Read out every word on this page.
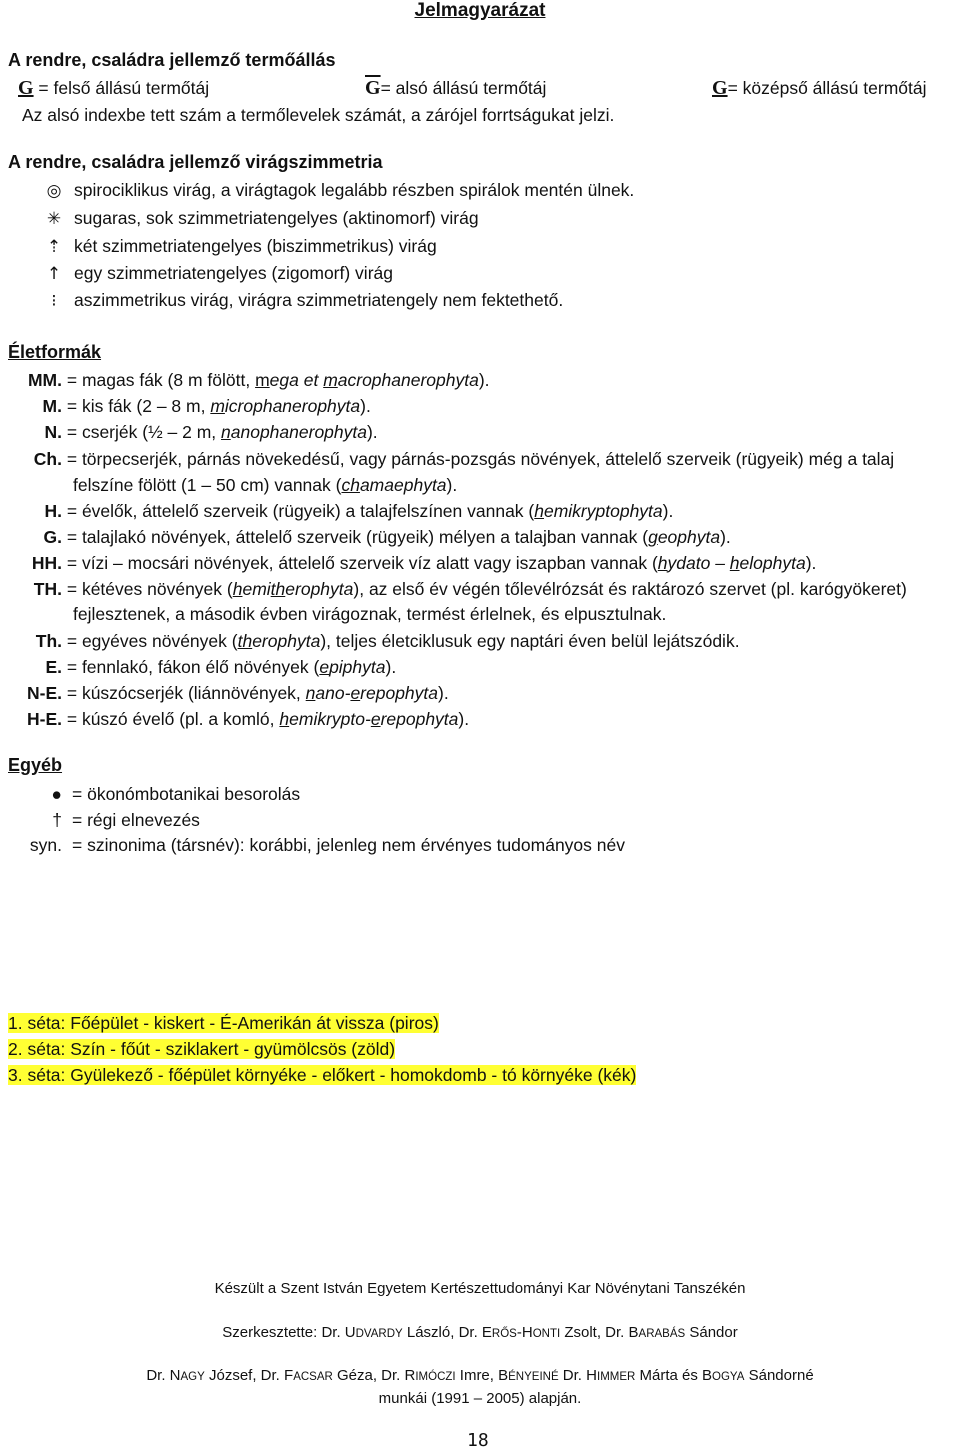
Jelmagyarázat
A rendre, családra jellemző termőállás
G = felső állású termőtáj	$\overline{G}=$ alsó állású termőtáj	G= középső állású termőtáj
Az alsó indexbe tett szám a termőlevelek számát, a zárójel forrtságukat jelzi.
A rendre, családra jellemző virágszimmetria
◎ spirociklikus virág, a virágtagok legalább részben spirálok mentén ülnek.
✳ sugaras, sok szimmetriatengelyes (aktinomorf) virág
⇡ két szimmetriatengelyes (biszimmetrikus) virág
↑ egy szimmetriatengelyes (zigomorf) virág
⁝ aszimmetrikus virág, virágra szimmetriatengely nem fektethető.
Életformák
MM. = magas fák (8 m fölött, mega et macrophanerophyta).
M. = kis fák (2 – 8 m, microphanerophyta).
N. = cserjék (½ – 2 m, nanophanerophyta).
Ch. = törpecserjék, párnás növekedésű, vagy párnás-pozsgás növények, áttelelő szerveik (rügyeik) még a talaj
felszíne fölött (1 – 50 cm) vannak (chamaephyta).
H. = évelők, áttelelő szerveik (rügyeik) a talajfelszínen vannak (hemikryptophyta).
G. = talajlakó növények, áttelelő szerveik (rügyeik) mélyen a talajban vannak (geophyta).
HH. = vízi – mocsári növények, áttelelő szerveik víz alatt vagy iszapban vannak (hydato – helophyta).
TH. = kétéves növények (hemitherophyta), az első év végén tőlevélrózsát és raktározó szervet (pl. karógyökeret)
fejlesztenek, a második évben virágoznak, termést érlelnek, és elpusztulnak.
Th. = egyéves növények (therophyta), teljes életciklusuk egy naptári éven belül lejátszódik.
E. = fennlakó, fákon élő növények (epiphyta).
N-E. = kúszócserjék (liánnövények, nano-erepophyta).
H-E. = kúszó évelő (pl. a komló, hemikrypto-erepophyta).
Egyéb
● = ökonómbotanikai besorolás
† = régi elnevezés
syn. = szinonima (társnév): korábbi, jelenleg nem érvényes tudományos név
1. séta: Főépület - kiskert - É-Amerikán át vissza (piros)
2. séta: Szín - főút - sziklakert - gyümölcsös (zöld)
3. séta: Gyülekező - főépület környéke - előkert - homokdomb - tó környéke (kék)
Készült a Szent István Egyetem Kertészettudományi Kar Növénytani Tanszékén
Szerkesztette: Dr. UDVARDY László, Dr. ERŐS-HONTI Zsolt, Dr. BARABÁS Sándor
Dr. NAGY József, Dr. FACSAR Géza, Dr. RIMÓCZI Imre, BÉNYEINÉ Dr. HIMMER Márta és BOGYA Sándorné
munkái (1991 – 2005) alapján.
18
